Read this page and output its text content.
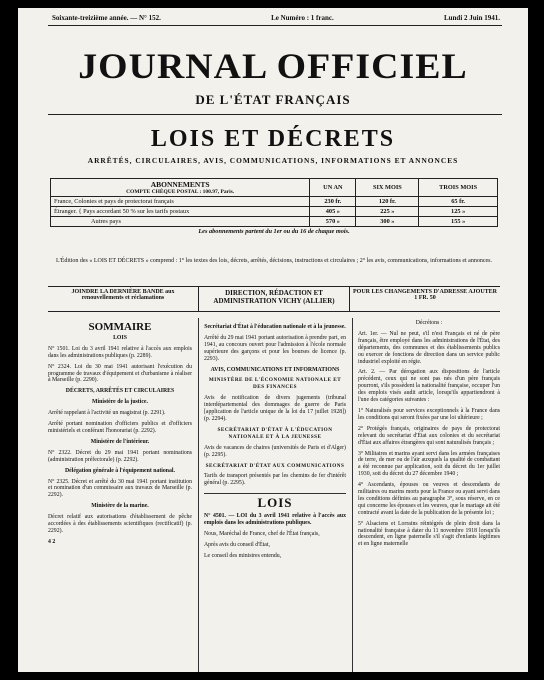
Soixante-treizième année. — N° 152.	Le Numéro : 1 franc.	Lundi 2 Juin 1941.
JOURNAL OFFICIEL
DE L'ÉTAT FRANÇAIS
LOIS ET DÉCRETS
ARRÊTÉS, CIRCULAIRES, AVIS, COMMUNICATIONS, INFORMATIONS ET ANNONCES
ABONNEMENTS
COMPTE CHÈQUE POSTAL : 100.97, Paris.	UN AN	SIX MOIS	TROIS MOIS
France, Colonies et pays de protectorat français	230 fr.	120 fr.	65 fr.
Étranger. { Pays accordant 50 % sur les tarifs postaux	405 »	225 »	125 »
Autres pays	570 »	300 »	155 »
Les abonnements partent du 1er ou du 16 de chaque mois.			
L'Édition des « LOIS ET DÉCRETS » comprend : 1° les textes des lois, décrets, arrêtés, décisions, instructions et circulaires ; 2° les avis, communications, informations et annonces.
JOINDRE LA DERNIÈRE BANDE aux renouvellements et réclamations
DIRECTION, RÉDACTION ET ADMINISTRATION VICHY (ALLIER)
POUR LES CHANGEMENTS D'ADRESSE AJOUTER 1 FR. 50
SOMMAIRE
LOIS

N° 1501. Loi du 3 avril 1941 relative à l'accès aux emplois dans les administrations publiques (p. 2289).

N° 2324. Loi du 30 mai 1941 autorisant l'exécution du programme de travaux d'équipement et d'urbanisme à réaliser à Marseille (p. 2290).

DÉCRETS, ARRÊTÉS ET CIRCULAIRES
Ministère de la justice.

Arrêté rappelant à l'activité un magistrat (p. 2291).

Arrêté portant nomination d'officiers publics et d'officiers ministériels et conférant l'honorariat (p. 2292).

Ministère de l'intérieur.

N° 2322. Décret du 29 mai 1941 portant nominations (administration préfectorale) (p. 2292).

Délégation générale à l'équipement national.

N° 2325. Décret et arrêté du 30 mai 1941 portant institution et nomination d'un commissaire aux travaux de Marseille (p. 2292).

Ministère de la marine.

Décret relatif aux autorisations d'établissement de pêche accordées à des établissements scientifiques (rectificatif) (p. 2292).

4 2
Secrétariat d'État à l'éducation nationale et à la jeunesse.

Arrêté du 29 mai 1941 portant autorisation à prendre part, en 1941, au concours ouvert pour l'admission à l'école normale supérieure des garçons et pour les bourses de licence (p. 2293).

AVIS, COMMUNICATIONS ET INFORMATIONS
MINISTÈRE DE L'ÉCONOMIE NATIONALE ET DES FINANCES

Avis de notification de divers jugements (tribunal interdépartemental des dommages de guerre de Paris [application de l'article unique de la loi du 17 juillet 1928]) (p. 2294).

SECRÉTARIAT D'ÉTAT À L'ÉDUCATION NATIONALE ET À LA JEUNESSE

Avis de vacances de chaires (universités de Paris et d'Alger) (p. 2295).

SECRÉTARIAT D'ÉTAT AUX COMMUNICATIONS

Tarifs de transport présentés par les chemins de fer d'intérêt général (p. 2295).

LOIS

N° 4501. — LOI du 3 avril 1941 relative à l'accès aux emplois dans les administrations publiques.

Nous, Maréchal de France, chef de l'État français,

Après avis du conseil d'État,

Le conseil des ministres entendu,

Décrétons :

Art. 1er. — Nul ne peut, s'il n'est Français et né de père français, être employé dans les administrations de l'État, des départements, des communes et des établissements publics ou exercer de fonctions de direction dans un service public industriel exploité en régie.

Art. 2. — Par dérogation aux dispositions de l'article précédent, ceux qui ne sont pas nés d'un père français pourront, s'ils possèdent la nationalité française, occuper l'un des emplois visés audit article, lorsqu'ils appartiendront à l'une des catégories suivantes :

1° Naturalisés pour services exceptionnels à la France dans les conditions qui seront fixées par une loi ultérieure ;

2° Protégés français, originaires de pays de protectorat relevant du secrétariat d'État aux colonies et du secrétariat d'État aux affaires étrangères qui sont naturalisés français ;

3° Militaires et marins ayant servi dans les armées françaises de terre, de mer ou de l'air auxquels la qualité de combattant a été reconnue par application, soit du décret du 1er juillet 1930, soit du décret du 27 décembre 1940 ;

4° Ascendants, épouses ou veuves et descendants de militaires ou marins morts pour la France ou ayant servi dans les conditions définies au paragraphe 3°, sous réserve, en ce qui concerne les épouses et les veuves, que le mariage ait été contracté avant la date de la publication de la présente loi ;

5° Alsaciens et Lorrains réintégrés de plein droit dans la nationalité française à dater du 11 novembre 1918 lorsqu'ils descendent, en ligne paternelle s'il s'agit d'enfants légitimes et en ligne maternelle
